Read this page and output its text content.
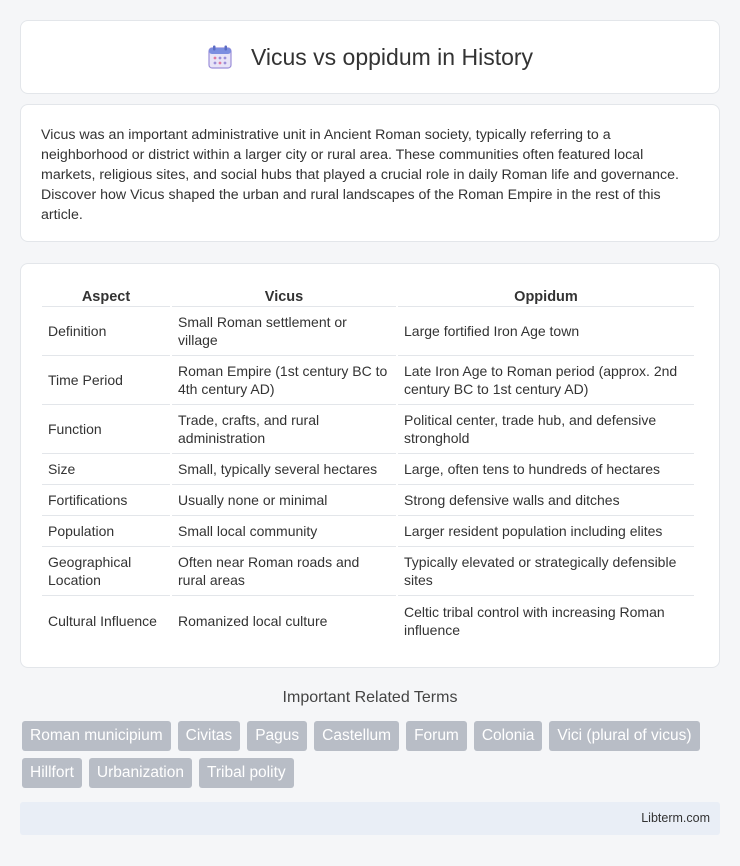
Vicus vs oppidum in History

Vicus was an important administrative unit in Ancient Roman society, typically referring to a neighborhood or district within a larger city or rural area. These communities often featured local markets, religious sites, and social hubs that played a crucial role in daily Roman life and governance. Discover how Vicus shaped the urban and rural landscapes of the Roman Empire in the rest of this article.

Aspect	Vicus	Oppidum
Definition	Small Roman settlement or village	Large fortified Iron Age town
Time Period	Roman Empire (1st century BC to 4th century AD)	Late Iron Age to Roman period (approx. 2nd century BC to 1st century AD)
Function	Trade, crafts, and rural administration	Political center, trade hub, and defensive stronghold
Size	Small, typically several hectares	Large, often tens to hundreds of hectares
Fortifications	Usually none or minimal	Strong defensive walls and ditches
Population	Small local community	Larger resident population including elites
Geographical Location	Often near Roman roads and rural areas	Typically elevated or strategically defensible sites
Cultural Influence	Romanized local culture	Celtic tribal control with increasing Roman influence
Important Related Terms
Roman municipium	Civitas	Pagus	Castellum	Forum	Colonia	Vici (plural of vicus)
Hillfort	Urbanization	Tribal polity
Libterm.com
